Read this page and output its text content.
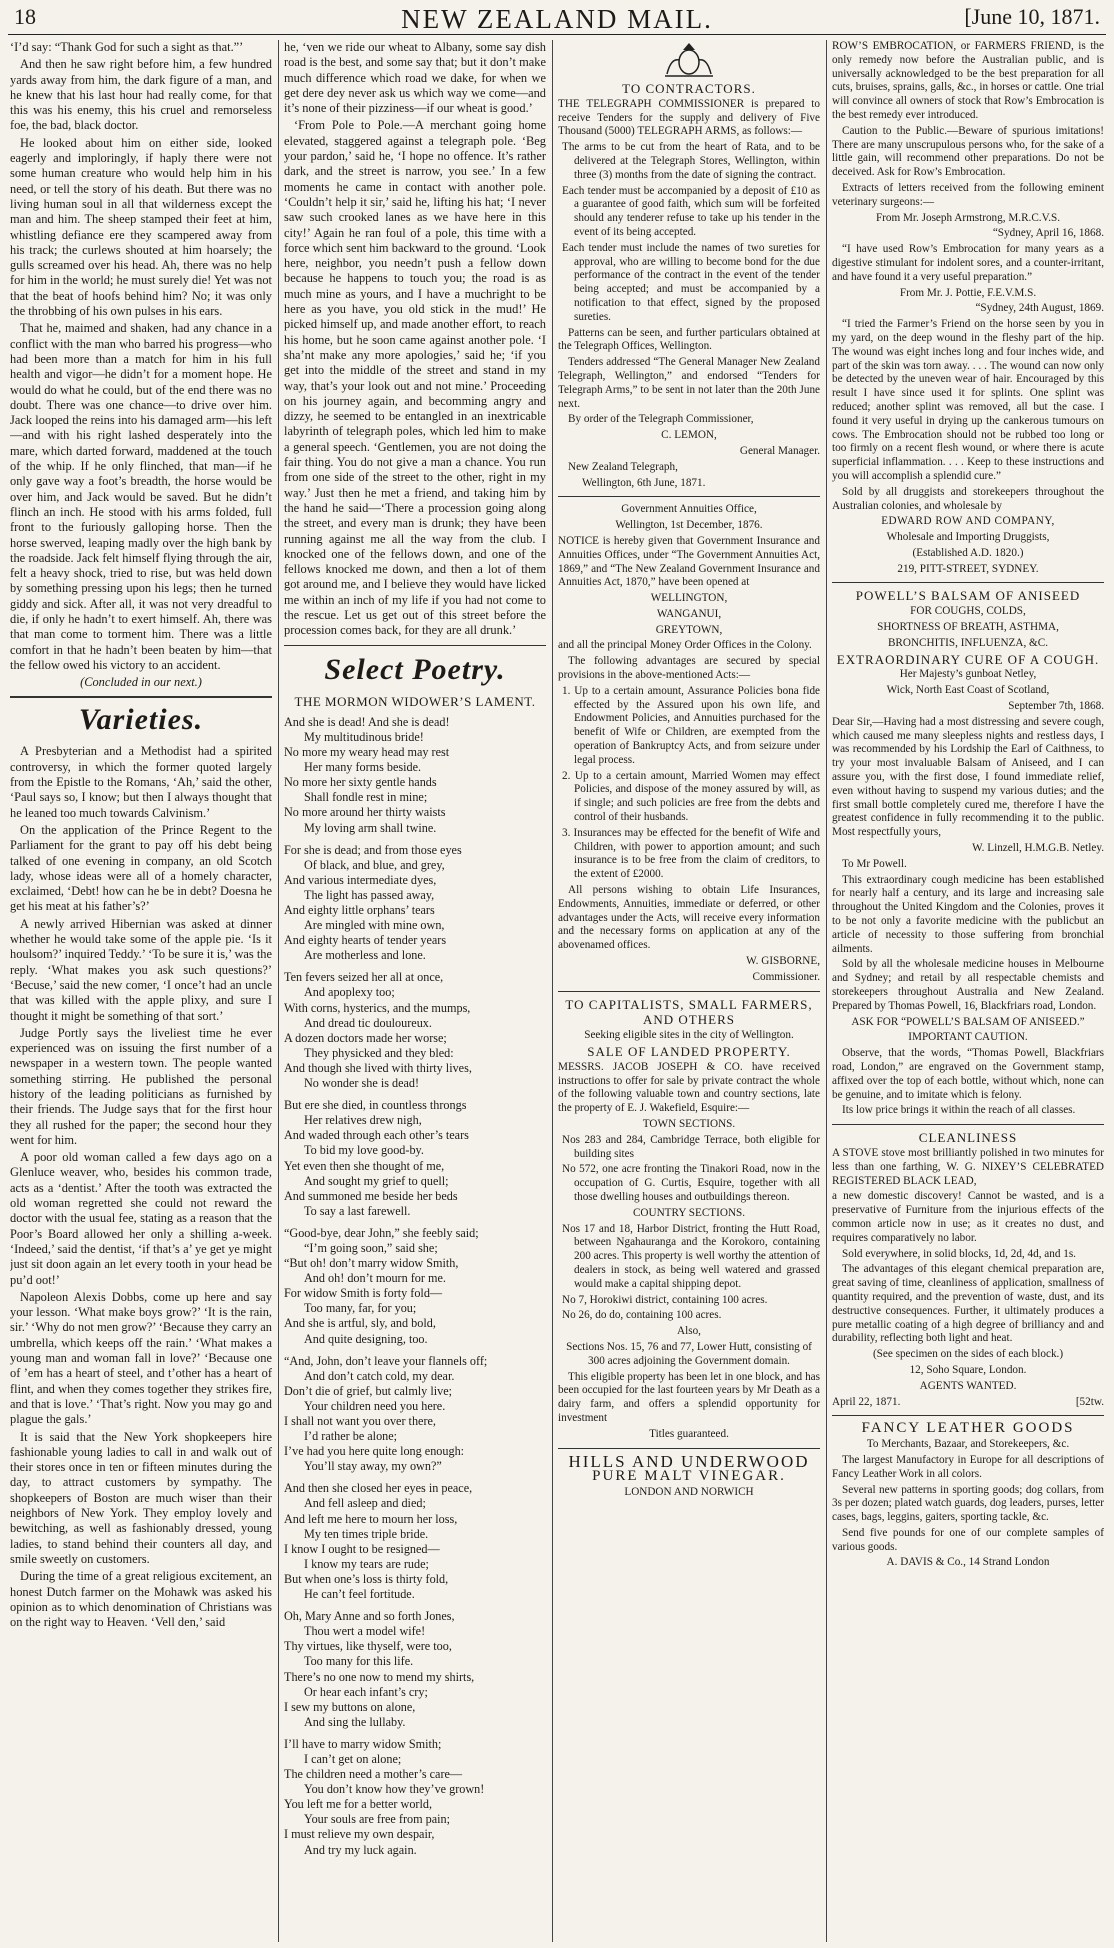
18	NEW ZEALAND MAIL.	[June 10, 1871.

‘I’d say: “Thank God for such a sight as that.”’

And then he saw right before him, a few hundred yards away from him, the dark figure of a man, and he knew that his last hour had really come, for that this was his enemy, this his cruel and remorseless foe, the bad, black doctor.

He looked about him on either side, looked eagerly and imploringly, if haply there were not some human creature who would help him in his need, or tell the story of his death. But there was no living human soul in all that wilderness except the man and him. The sheep stamped their feet at him, whistling defiance ere they scampered away from his track; the curlews shouted at him hoarsely; the gulls screamed over his head. Ah, there was no help for him in the world; he must surely die! Yet was not that the beat of hoofs behind him? No; it was only the throbbing of his own pulses in his ears.

That he, maimed and shaken, had any chance in a conflict with the man who barred his progress—who had been more than a match for him in his full health and vigor—he didn’t for a moment hope. He would do what he could, but of the end there was no doubt. There was one chance—to drive over him. Jack looped the reins into his damaged arm—his left—and with his right lashed desperately into the mare, which darted forward, maddened at the touch of the whip. If he only flinched, that man—if he only gave way a foot’s breadth, the horse would be over him, and Jack would be saved. But he didn’t flinch an inch. He stood with his arms folded, full front to the furiously galloping horse. Then the horse swerved, leaping madly over the high bank by the roadside. Jack felt himself flying through the air, felt a heavy shock, tried to rise, but was held down by something pressing upon his legs; then he turned giddy and sick. After all, it was not very dreadful to die, if only he hadn’t to exert himself. Ah, there was that man come to torment him. There was a little comfort in that he hadn’t been beaten by him—that the fellow owed his victory to an accident.

(Concluded in our next.)

Varieties.

A Presbyterian and a Methodist had a spirited controversy, in which the former quoted largely from the Epistle to the Romans, ‘Ah,’ said the other, ‘Paul says so, I know; but then I always thought that he leaned too much towards Calvinism.’

On the application of the Prince Regent to the Parliament for the grant to pay off his debt being talked of one evening in company, an old Scotch lady, whose ideas were all of a homely character, exclaimed, ‘Debt! how can he be in debt? Doesna he get his meat at his father’s?’

A newly arrived Hibernian was asked at dinner whether he would take some of the apple pie. ‘Is it houlsom?’ inquired Teddy.’ ‘To be sure it is,’ was the reply. ‘What makes you ask such questions?’ ‘Becuse,’ said the new comer, ‘I once’t had an uncle that was killed with the apple plixy, and sure I thought it might be something of that sort.’

Judge Portly says the liveliest time he ever experienced was on issuing the first number of a newspaper in a western town. The people wanted something stirring. He published the personal history of the leading politicians as furnished by their friends. The Judge says that for the first hour they all rushed for the paper; the second hour they went for him.

A poor old woman called a few days ago on a Glenluce weaver, who, besides his common trade, acts as a ‘dentist.’ After the tooth was extracted the old woman regretted she could not reward the doctor with the usual fee, stating as a reason that the Poor’s Board allowed her only a shilling a-week. ‘Indeed,’ said the dentist, ‘if that’s a’ ye get ye might just sit doon again an let every tooth in your head be pu’d oot!’

Napoleon Alexis Dobbs, come up here and say your lesson. ‘What make boys grow?’ ‘It is the rain, sir.’ ‘Why do not men grow?’ ‘Because they carry an umbrella, which keeps off the rain.’ ‘What makes a young man and woman fall in love?’ ‘Because one of ’em has a heart of steel, and t’other has a heart of flint, and when they comes together they strikes fire, and that is love.’ ‘That’s right. Now you may go and plague the gals.’

It is said that the New York shopkeepers hire fashionable young ladies to call in and walk out of their stores once in ten or fifteen minutes during the day, to attract customers by sympathy. The shopkeepers of Boston are much wiser than their neighbors of New York. They employ lovely and bewitching, as well as fashionably dressed, young ladies, to stand behind their counters all day, and smile sweetly on customers.

During the time of a great religious excitement, an honest Dutch farmer on the Mohawk was asked his opinion as to which denomination of Christians was on the right way to Heaven. ‘Vell den,’ said

he, ‘ven we ride our wheat to Albany, some say dish road is the best, and some say that; but it don’t make much difference which road we dake, for when we get dere dey never ask us which way we come—and it’s none of their pizziness—if our wheat is good.’

‘From Pole to Pole.—A merchant going home elevated, staggered against a telegraph pole. ‘Beg your pardon,’ said he, ‘I hope no offence. It’s rather dark, and the street is narrow, you see.’ In a few moments he came in contact with another pole. ‘Couldn’t help it sir,’ said he, lifting his hat; ‘I never saw such crooked lanes as we have here in this city!’ Again he ran foul of a pole, this time with a force which sent him backward to the ground. ‘Look here, neighbor, you needn’t push a fellow down because he happens to touch you; the road is as much mine as yours, and I have a muchright to be here as you have, you old stick in the mud!’ He picked himself up, and made another effort, to reach his home, but he soon came against another pole. ‘I sha’nt make any more apologies,’ said he; ‘if you get into the middle of the street and stand in my way, that’s your look out and not mine.’ Proceeding on his journey again, and becomming angry and dizzy, he seemed to be entangled in an inextricable labyrinth of telegraph poles, which led him to make a general speech. ‘Gentlemen, you are not doing the fair thing. You do not give a man a chance. You run from one side of the street to the other, right in my way.’ Just then he met a friend, and taking him by the hand he said—‘There a procession going along the street, and every man is drunk; they have been running against me all the way from the club. I knocked one of the fellows down, and one of the fellows knocked me down, and then a lot of them got around me, and I believe they would have licked me within an inch of my life if you had not come to the rescue. Let us get out of this street before the procession comes back, for they are all drunk.’

Select Poetry.
THE MORMON WIDOWER’S LAMENT.
And she is dead! And she is dead!
My multitudinous bride!
No more my weary head may rest
Her many forms beside.
No more her sixty gentle hands
Shall fondle rest in mine;
No more around her thirty waists
My loving arm shall twine.
For she is dead; and from those eyes
Of black, and blue, and grey,
And various intermediate dyes,
The light has passed away,
And eighty little orphans’ tears
Are mingled with mine own,
And eighty hearts of tender years
Are motherless and lone.
Ten fevers seized her all at once,
And apoplexy too;
With corns, hysterics, and the mumps,
And dread tic douloureux.
A dozen doctors made her worse;
They physicked and they bled:
And though she lived with thirty lives,
No wonder she is dead!
But ere she died, in countless throngs
Her relatives drew nigh,
And waded through each other’s tears
To bid my love good-by.
Yet even then she thought of me,
And sought my grief to quell;
And summoned me beside her beds
To say a last farewell.
“Good-bye, dear John,” she feebly said;
“I’m going soon,” said she;
“But oh! don’t marry widow Smith,
And oh! don’t mourn for me.
For widow Smith is forty fold—
Too many, far, for you;
And she is artful, sly, and bold,
And quite designing, too.
“And, John, don’t leave your flannels off;
And don’t catch cold, my dear.
Don’t die of grief, but calmly live;
Your children need you here.
I shall not want you over there,
I’d rather be alone;
I’ve had you here quite long enough:
You’ll stay away, my own?”
And then she closed her eyes in peace,
And fell asleep and died;
And left me here to mourn her loss,
My ten times triple bride.
I know I ought to be resigned—
I know my tears are rude;
But when one’s loss is thirty fold,
He can’t feel fortitude.
Oh, Mary Anne and so forth Jones,
Thou wert a model wife!
Thy virtues, like thyself, were too,
Too many for this life.
There’s no one now to mend my shirts,
Or hear each infant’s cry;
I sew my buttons on alone,
And sing the lullaby.
I’ll have to marry widow Smith;
I can’t get on alone;
The children need a mother’s care—
You don’t know how they’ve grown!
You left me for a better world,
Your souls are free from pain;
I must relieve my own despair,
And try my luck again.
TO CONTRACTORS.

THE TELEGRAPH COMMISSIONER is prepared to receive Tenders for the supply and delivery of Five Thousand (5000) TELEGRAPH ARMS, as follows:—

The arms to be cut from the heart of Rata, and to be delivered at the Telegraph Stores, Wellington, within three (3) months from the date of signing the contract.

Each tender must be accompanied by a deposit of £10 as a guarantee of good faith, which sum will be forfeited should any tenderer refuse to take up his tender in the event of its being accepted.

Each tender must include the names of two sureties for approval, who are willing to become bond for the due performance of the contract in the event of the tender being accepted; and must be accompanied by a notification to that effect, signed by the proposed sureties.

Patterns can be seen, and further particulars obtained at the Telegraph Offices, Wellington.

Tenders addressed “The General Manager New Zealand Telegraph, Wellington,” and endorsed “Tenders for Telegraph Arms,” to be sent in not later than the 20th June next.

By order of the Telegraph Commissioner,

C. LEMON,

General Manager.

New Zealand Telegraph,

Wellington, 6th June, 1871.

Government Annuities Office,

Wellington, 1st December, 1876.

NOTICE is hereby given that Government Insurance and Annuities Offices, under “The Government Annuities Act, 1869,” and “The New Zealand Government Insurance and Annuities Act, 1870,” have been opened at

WELLINGTON,

WANGANUI,

GREYTOWN,

and all the principal Money Order Offices in the Colony.

The following advantages are secured by special provisions in the above-mentioned Acts:—

1. Up to a certain amount, Assurance Policies bona fide effected by the Assured upon his own life, and Endowment Policies, and Annuities purchased for the benefit of Wife or Children, are exempted from the operation of Bankruptcy Acts, and from seizure under legal process.

2. Up to a certain amount, Married Women may effect Policies, and dispose of the money assured by will, as if single; and such policies are free from the debts and control of their husbands.

3. Insurances may be effected for the benefit of Wife and Children, with power to apportion amount; and such insurance is to be free from the claim of creditors, to the extent of £2000.

All persons wishing to obtain Life Insurances, Endowments, Annuities, immediate or deferred, or other advantages under the Acts, will receive every information and the necessary forms on application at any of the abovenamed offices.

W. GISBORNE,

Commissioner.

TO CAPITALISTS, SMALL FARMERS,
AND OTHERS

Seeking eligible sites in the city of Wellington.

SALE OF LANDED PROPERTY.

MESSRS. JACOB JOSEPH & CO. have received instructions to offer for sale by private contract the whole of the following valuable town and country sections, late the property of E. J. Wakefield, Esquire:—

TOWN SECTIONS.

Nos 283 and 284, Cambridge Terrace, both eligible for building sites

No 572, one acre fronting the Tinakori Road, now in the occupation of G. Curtis, Esquire, together with all those dwelling houses and outbuildings thereon.

COUNTRY SECTIONS.

Nos 17 and 18, Harbor District, fronting the Hutt Road, between Ngahauranga and the Korokoro, containing 200 acres. This property is well worthy the attention of dealers in stock, as being well watered and grassed would make a capital shipping depot.

No 7, Horokiwi district, containing 100 acres.

No 26, do do, containing 100 acres.

Also,

Sections Nos. 15, 76 and 77, Lower Hutt, consisting of 300 acres adjoining the Government domain.

This eligible property has been let in one block, and has been occupied for the last fourteen years by Mr Death as a dairy farm, and offers a splendid opportunity for investment

Titles guaranteed.

HILLS AND UNDERWOOD
PURE MALT VINEGAR.

LONDON AND NORWICH

ROW’S EMBROCATION, or FARMERS FRIEND, is the only remedy now before the Australian public, and is universally acknowledged to be the best preparation for all cuts, bruises, sprains, galls, &c., in horses or cattle. One trial will convince all owners of stock that Row’s Embrocation is the best remedy ever introduced.

Caution to the Public.—Beware of spurious imitations! There are many unscrupulous persons who, for the sake of a little gain, will recommend other preparations. Do not be deceived. Ask for Row’s Embrocation.

Extracts of letters received from the following eminent veterinary surgeons:—

From Mr. Joseph Armstrong, M.R.C.V.S.

“Sydney, April 16, 1868.

“I have used Row’s Embrocation for many years as a digestive stimulant for indolent sores, and a counter-irritant, and have found it a very useful preparation.”

From Mr. J. Pottie, F.E.V.M.S.

“Sydney, 24th August, 1869.

“I tried the Farmer’s Friend on the horse seen by you in my yard, on the deep wound in the fleshy part of the hip. The wound was eight inches long and four inches wide, and part of the skin was torn away. . . . The wound can now only be detected by the uneven wear of hair. Encouraged by this result I have since used it for splints. One splint was reduced; another splint was removed, all but the case. I found it very useful in drying up the cankerous tumours on cows. The Embrocation should not be rubbed too long or too firmly on a recent flesh wound, or where there is acute superficial inflammation. . . . Keep to these instructions and you will accomplish a splendid cure.”

Sold by all druggists and storekeepers throughout the Australian colonies, and wholesale by

EDWARD ROW AND COMPANY,

Wholesale and Importing Druggists,

(Established A.D. 1820.)

219, PITT-STREET, SYDNEY.

POWELL’S BALSAM OF ANISEED

FOR COUGHS, COLDS,

SHORTNESS OF BREATH, ASTHMA,

BRONCHITIS, INFLUENZA, &C.

EXTRAORDINARY CURE OF A COUGH.

Her Majesty’s gunboat Netley,

Wick, North East Coast of Scotland,

September 7th, 1868.

Dear Sir,—Having had a most distressing and severe cough, which caused me many sleepless nights and restless days, I was recommended by his Lordship the Earl of Caithness, to try your most invaluable Balsam of Aniseed, and I can assure you, with the first dose, I found immediate relief, even without having to suspend my various duties; and the first small bottle completely cured me, therefore I have the greatest confidence in fully recommending it to the public. Most respectfully yours,

W. Linzell, H.M.G.B. Netley.

To Mr Powell.

This extraordinary cough medicine has been established for nearly half a century, and its large and increasing sale throughout the United Kingdom and the Colonies, proves it to be not only a favorite medicine with the publicbut an article of necessity to those suffering from bronchial ailments.

Sold by all the wholesale medicine houses in Melbourne and Sydney; and retail by all respectable chemists and storekeepers throughout Australia and New Zealand. Prepared by Thomas Powell, 16, Blackfriars road, London.

ASK FOR “POWELL’S BALSAM OF ANISEED.”

IMPORTANT CAUTION.

Observe, that the words, “Thomas Powell, Blackfriars road, London,” are engraved on the Government stamp, affixed over the top of each bottle, without which, none can be genuine, and to imitate which is felony.

Its low price brings it within the reach of all classes.

CLEANLINESS

A STOVE stove most brilliantly polished in two minutes for less than one farthing, W. G. NIXEY’S CELEBRATED REGISTERED BLACK LEAD,

a new domestic discovery! Cannot be wasted, and is a preservative of Furniture from the injurious effects of the common article now in use; as it creates no dust, and requires comparatively no labor.

Sold everywhere, in solid blocks, 1d, 2d, 4d, and 1s.

The advantages of this elegant chemical preparation are, great saving of time, cleanliness of application, smallness of quantity required, and the prevention of waste, dust, and its destructive consequences. Further, it ultimately produces a pure metallic coating of a high degree of brilliancy and and durability, reflecting both light and heat.

(See specimen on the sides of each block.)

12, Soho Square, London.

AGENTS WANTED.

April 22, 1871.	[52tw.
FANCY LEATHER GOODS

To Merchants, Bazaar, and Storekeepers, &c.

The largest Manufactory in Europe for all descriptions of Fancy Leather Work in all colors.

Several new patterns in sporting goods; dog collars, from 3s per dozen; plated watch guards, dog leaders, purses, letter cases, bags, leggins, gaiters, sporting tackle, &c.

Send five pounds for one of our complete samples of various goods.

A. DAVIS & Co., 14 Strand London
